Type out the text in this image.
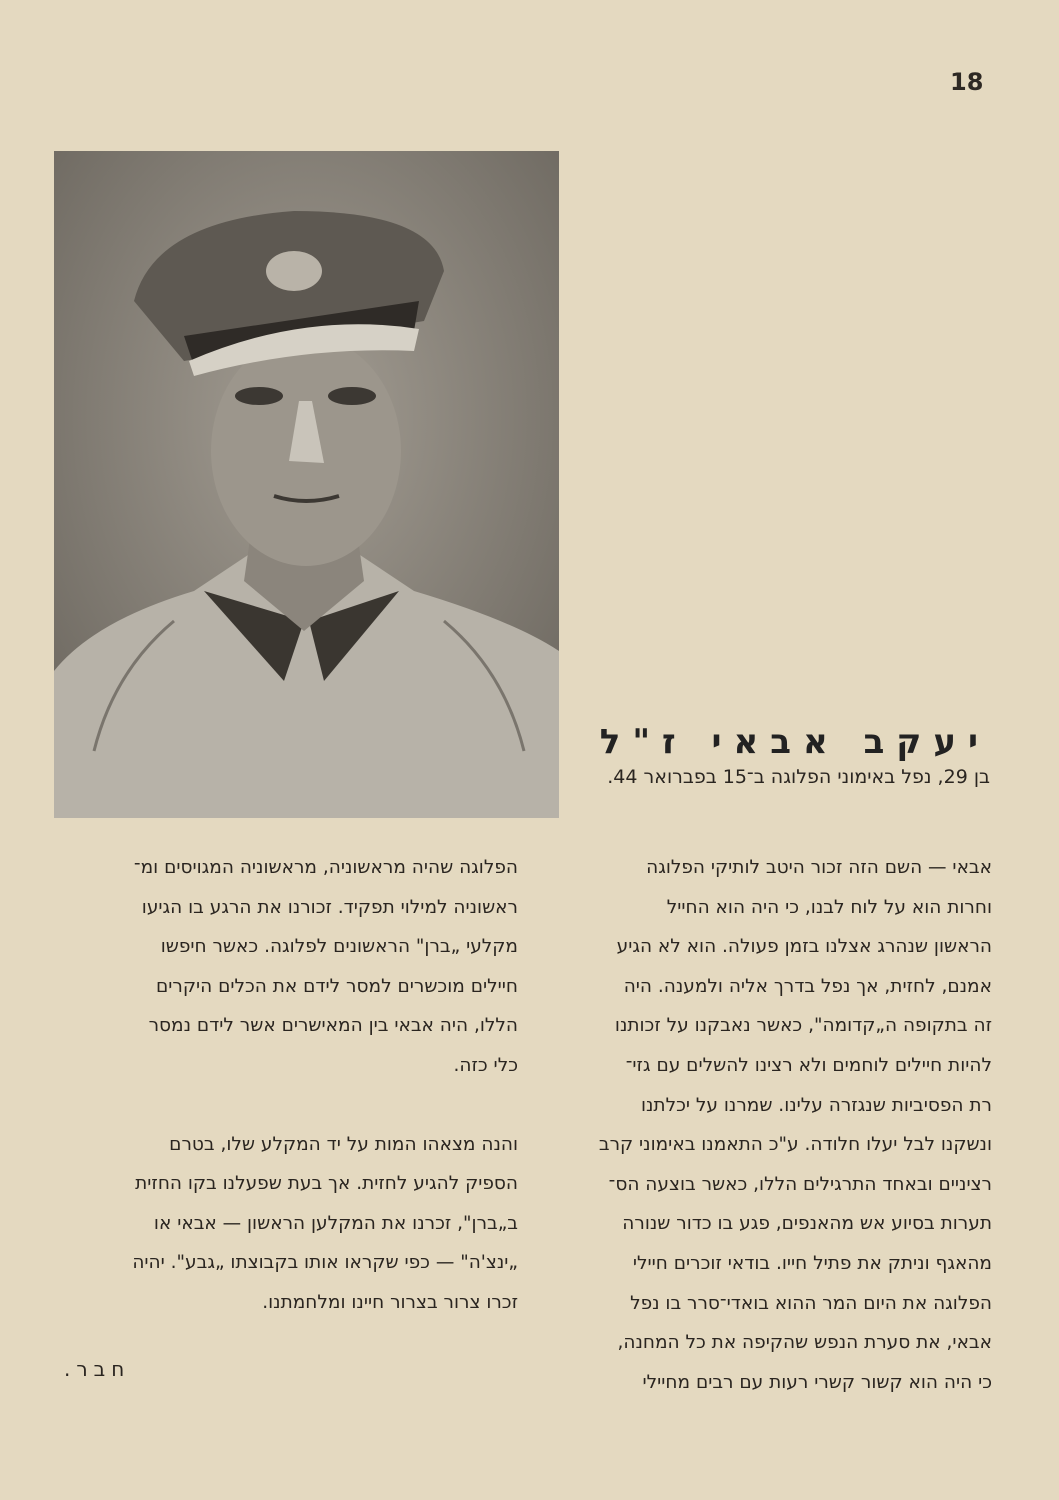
18
יעקב אבאי ז"ל
בן 29, נפל באימוני הפלוגה ב־15 בפברואר 44.
אבאי — השם הזה זכור היטב לותיקי הפלוגה
וחרות הוא על לוח לבנו, כי היה הוא החייל
הראשון שנהרג אצלנו בזמן פעולה. הוא לא הגיע
אמנם, לחזית, אך נפל בדרך אליה ולמענה. היה
זה בתקופה ה„קדומה", כאשר נאבקנו על זכותנו
להיות חיילים לוחמים ולא רצינו להשלים עם גזי־
רת הפסיביות שנגזרה עלינו. שמרנו על יכלתנו
ונשקנו לבל יעלו חלודה. ע"כ התאמנו באימוני קרב
רציניים ובאחד התרגילים הללו, כאשר בוצעה הס־
תערות בסיוע אש מהאנפים, פגע בו כדור שנורה
מהאגף וניתק את פתיל חייו. בודאי זוכרים חיילי
הפלוגה את היום המר ההוא בואדי־סרר בו נפל
אבאי, את סערת הנפש שהקיפה את כל המחנה,
כי היה הוא קשור קשרי רעות עם רבים מחיילי
הפלוגה שהיה מראשוניה, מראשוניה המגויסים ומ־
ראשוניה למילוי תפקיד. זכורנו את הרגע בו הגיעו
מקלעי „ברן" הראשונים לפלוגה. כאשר חיפשו
חיילים מוכשרים למסר לידם את הכלים היקרים
הללו, היה אבאי בין המאישרים אשר לידם נמסר
כלי כזה.
והנה מצאהו המות על יד המקלע שלו, בטרם
הספיק להגיע לחזית. אך בעת שפעלנו בקו החזית
ב„ברן", זכרנו את המקלען הראשון — אבאי או
„ינצ'ה" — כפי שקראו אותו בקבוצתו „גבע". יהיה
זכרו צרור בצרור חיינו ומלחמתנו.
חבר.
